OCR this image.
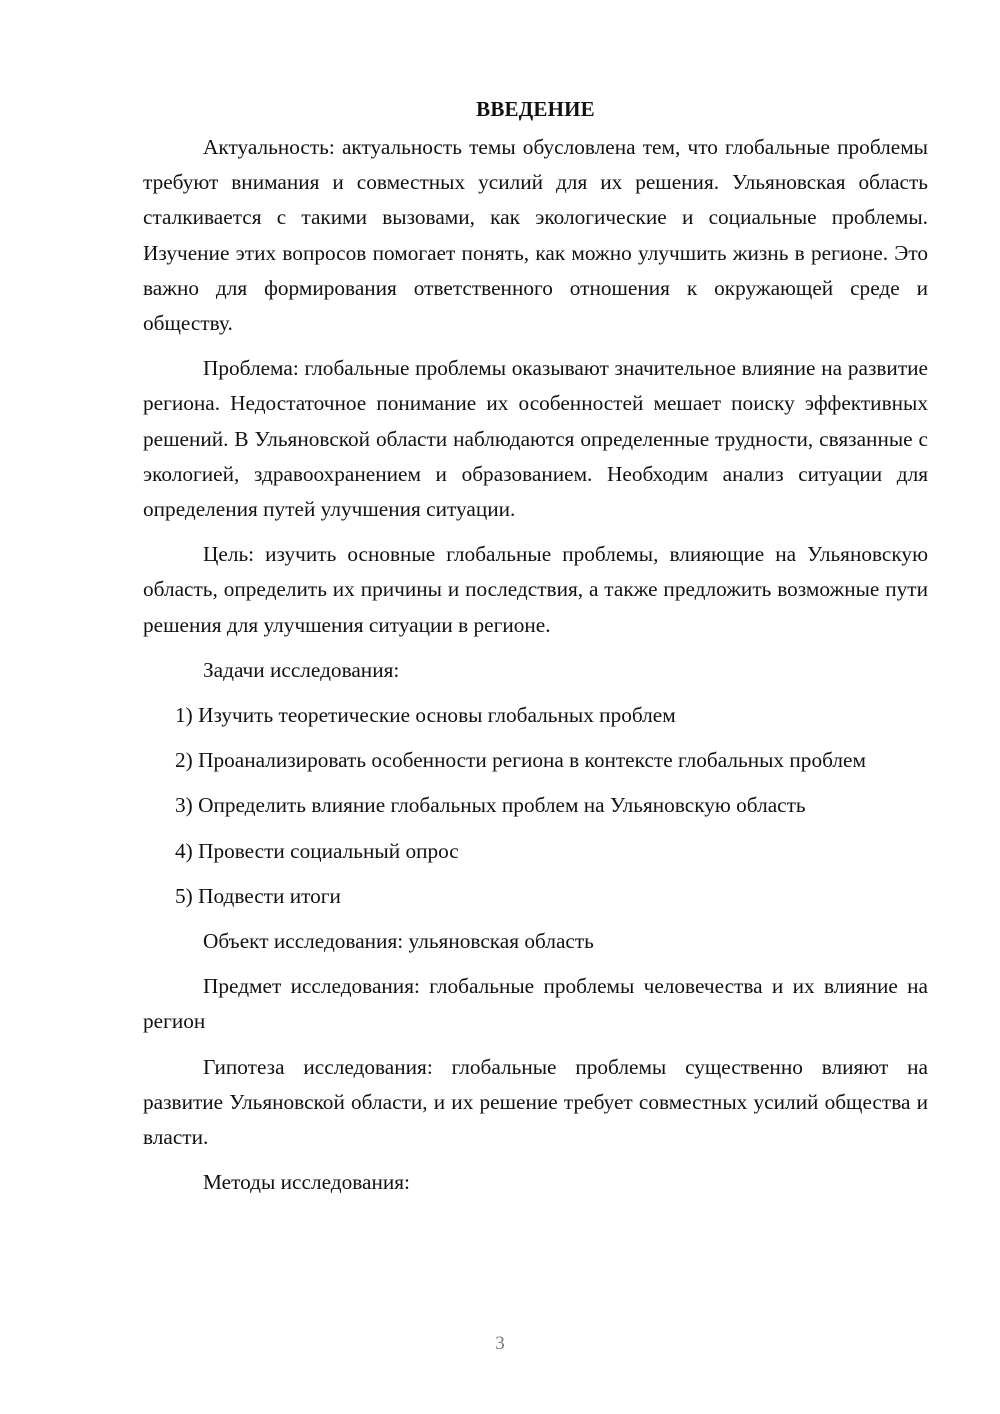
ВВЕДЕНИЕ

Актуальность: актуальность темы обусловлена тем, что глобальные проблемы требуют внимания и совместных усилий для их решения. Ульяновская область сталкивается с такими вызовами, как экологические и социальные проблемы. Изучение этих вопросов помогает понять, как можно улучшить жизнь в регионе. Это важно для формирования ответственного отношения к окружающей среде и обществу.

Проблема: глобальные проблемы оказывают значительное влияние на развитие региона. Недостаточное понимание их особенностей мешает поиску эффективных решений. В Ульяновской области наблюдаются определенные трудности, связанные с экологией, здравоохранением и образованием. Необходим анализ ситуации для определения путей улучшения ситуации.

Цель: изучить основные глобальные проблемы, влияющие на Ульяновскую область, определить их причины и последствия, а также предложить возможные пути решения для улучшения ситуации в регионе.

Задачи исследования:

1) Изучить теоретические основы глобальных проблем

2) Проанализировать особенности региона в контексте глобальных проблем

3) Определить влияние глобальных проблем на Ульяновскую область

4) Провести социальный опрос

5) Подвести итоги

Объект исследования: ульяновская область

Предмет исследования: глобальные проблемы человечества и их влияние на регион

Гипотеза исследования: глобальные проблемы существенно влияют на развитие Ульяновской области, и их решение требует совместных усилий общества и власти.

Методы исследования:

3
